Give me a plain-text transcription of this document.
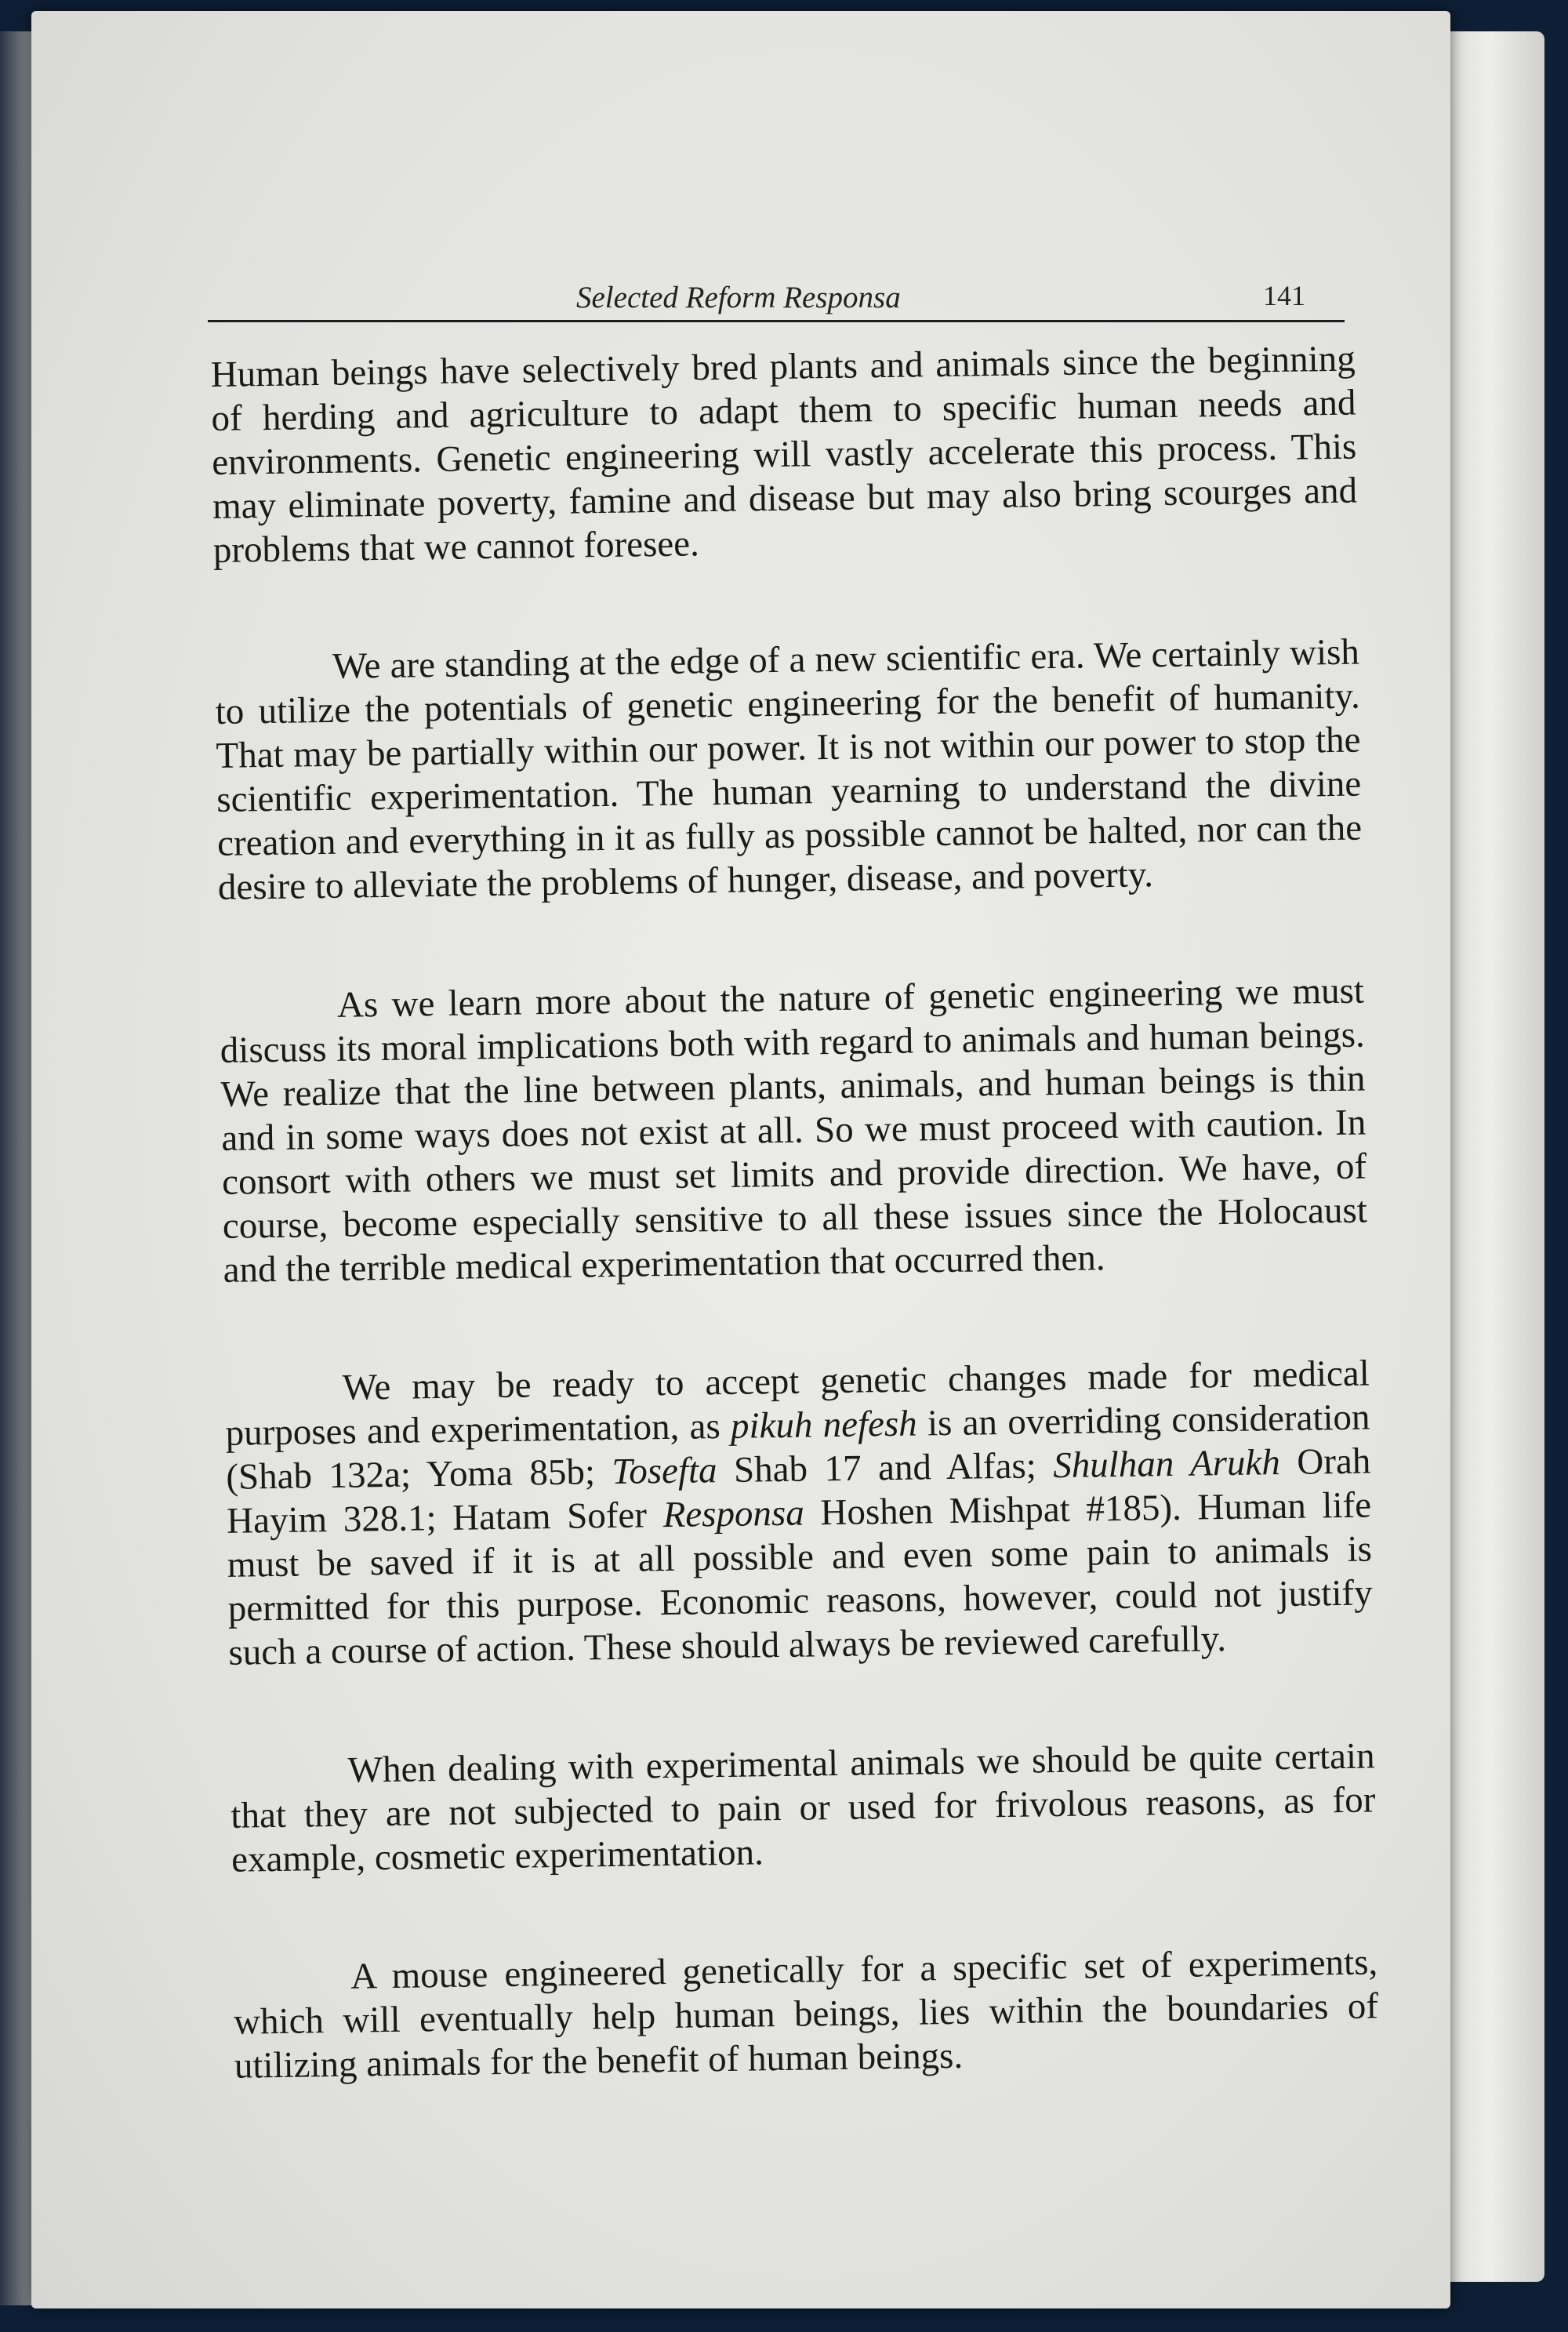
Selected Reform Responsa	141

Human beings have selectively bred plants and animals since the beginning of herding and agriculture to adapt them to specific human needs and environments. Genetic engineering will vastly accelerate this process. This may eliminate poverty, famine and disease but may also bring scourges and problems that we cannot foresee.

We are standing at the edge of a new scientific era. We certainly wish to utilize the potentials of genetic engineering for the benefit of humanity. That may be partially within our power. It is not within our power to stop the scientific experimentation. The human yearning to understand the divine creation and everything in it as fully as possible cannot be halted, nor can the desire to alleviate the problems of hunger, disease, and poverty.

As we learn more about the nature of genetic engineering we must discuss its moral implications both with regard to animals and human beings. We realize that the line between plants, animals, and human beings is thin and in some ways does not exist at all. So we must proceed with caution. In consort with others we must set limits and provide direction. We have, of course, become especially sensitive to all these issues since the Holocaust and the terrible medical experimentation that occurred then.

We may be ready to accept genetic changes made for medical purposes and experimentation, as pikuh nefesh is an overriding consideration (Shab 132a; Yoma 85b; Tosefta Shab 17 and Alfas; Shulhan Arukh Orah Hayim 328.1; Hatam Sofer Responsa Hoshen Mishpat #185). Human life must be saved if it is at all possible and even some pain to animals is permitted for this purpose. Economic reasons, however, could not justify such a course of action. These should always be reviewed carefully.

When dealing with experimental animals we should be quite certain that they are not subjected to pain or used for frivolous reasons, as for example, cosmetic experimentation.

A mouse engineered genetically for a specific set of experiments, which will eventually help human beings, lies within the boundaries of utilizing animals for the benefit of human beings.
